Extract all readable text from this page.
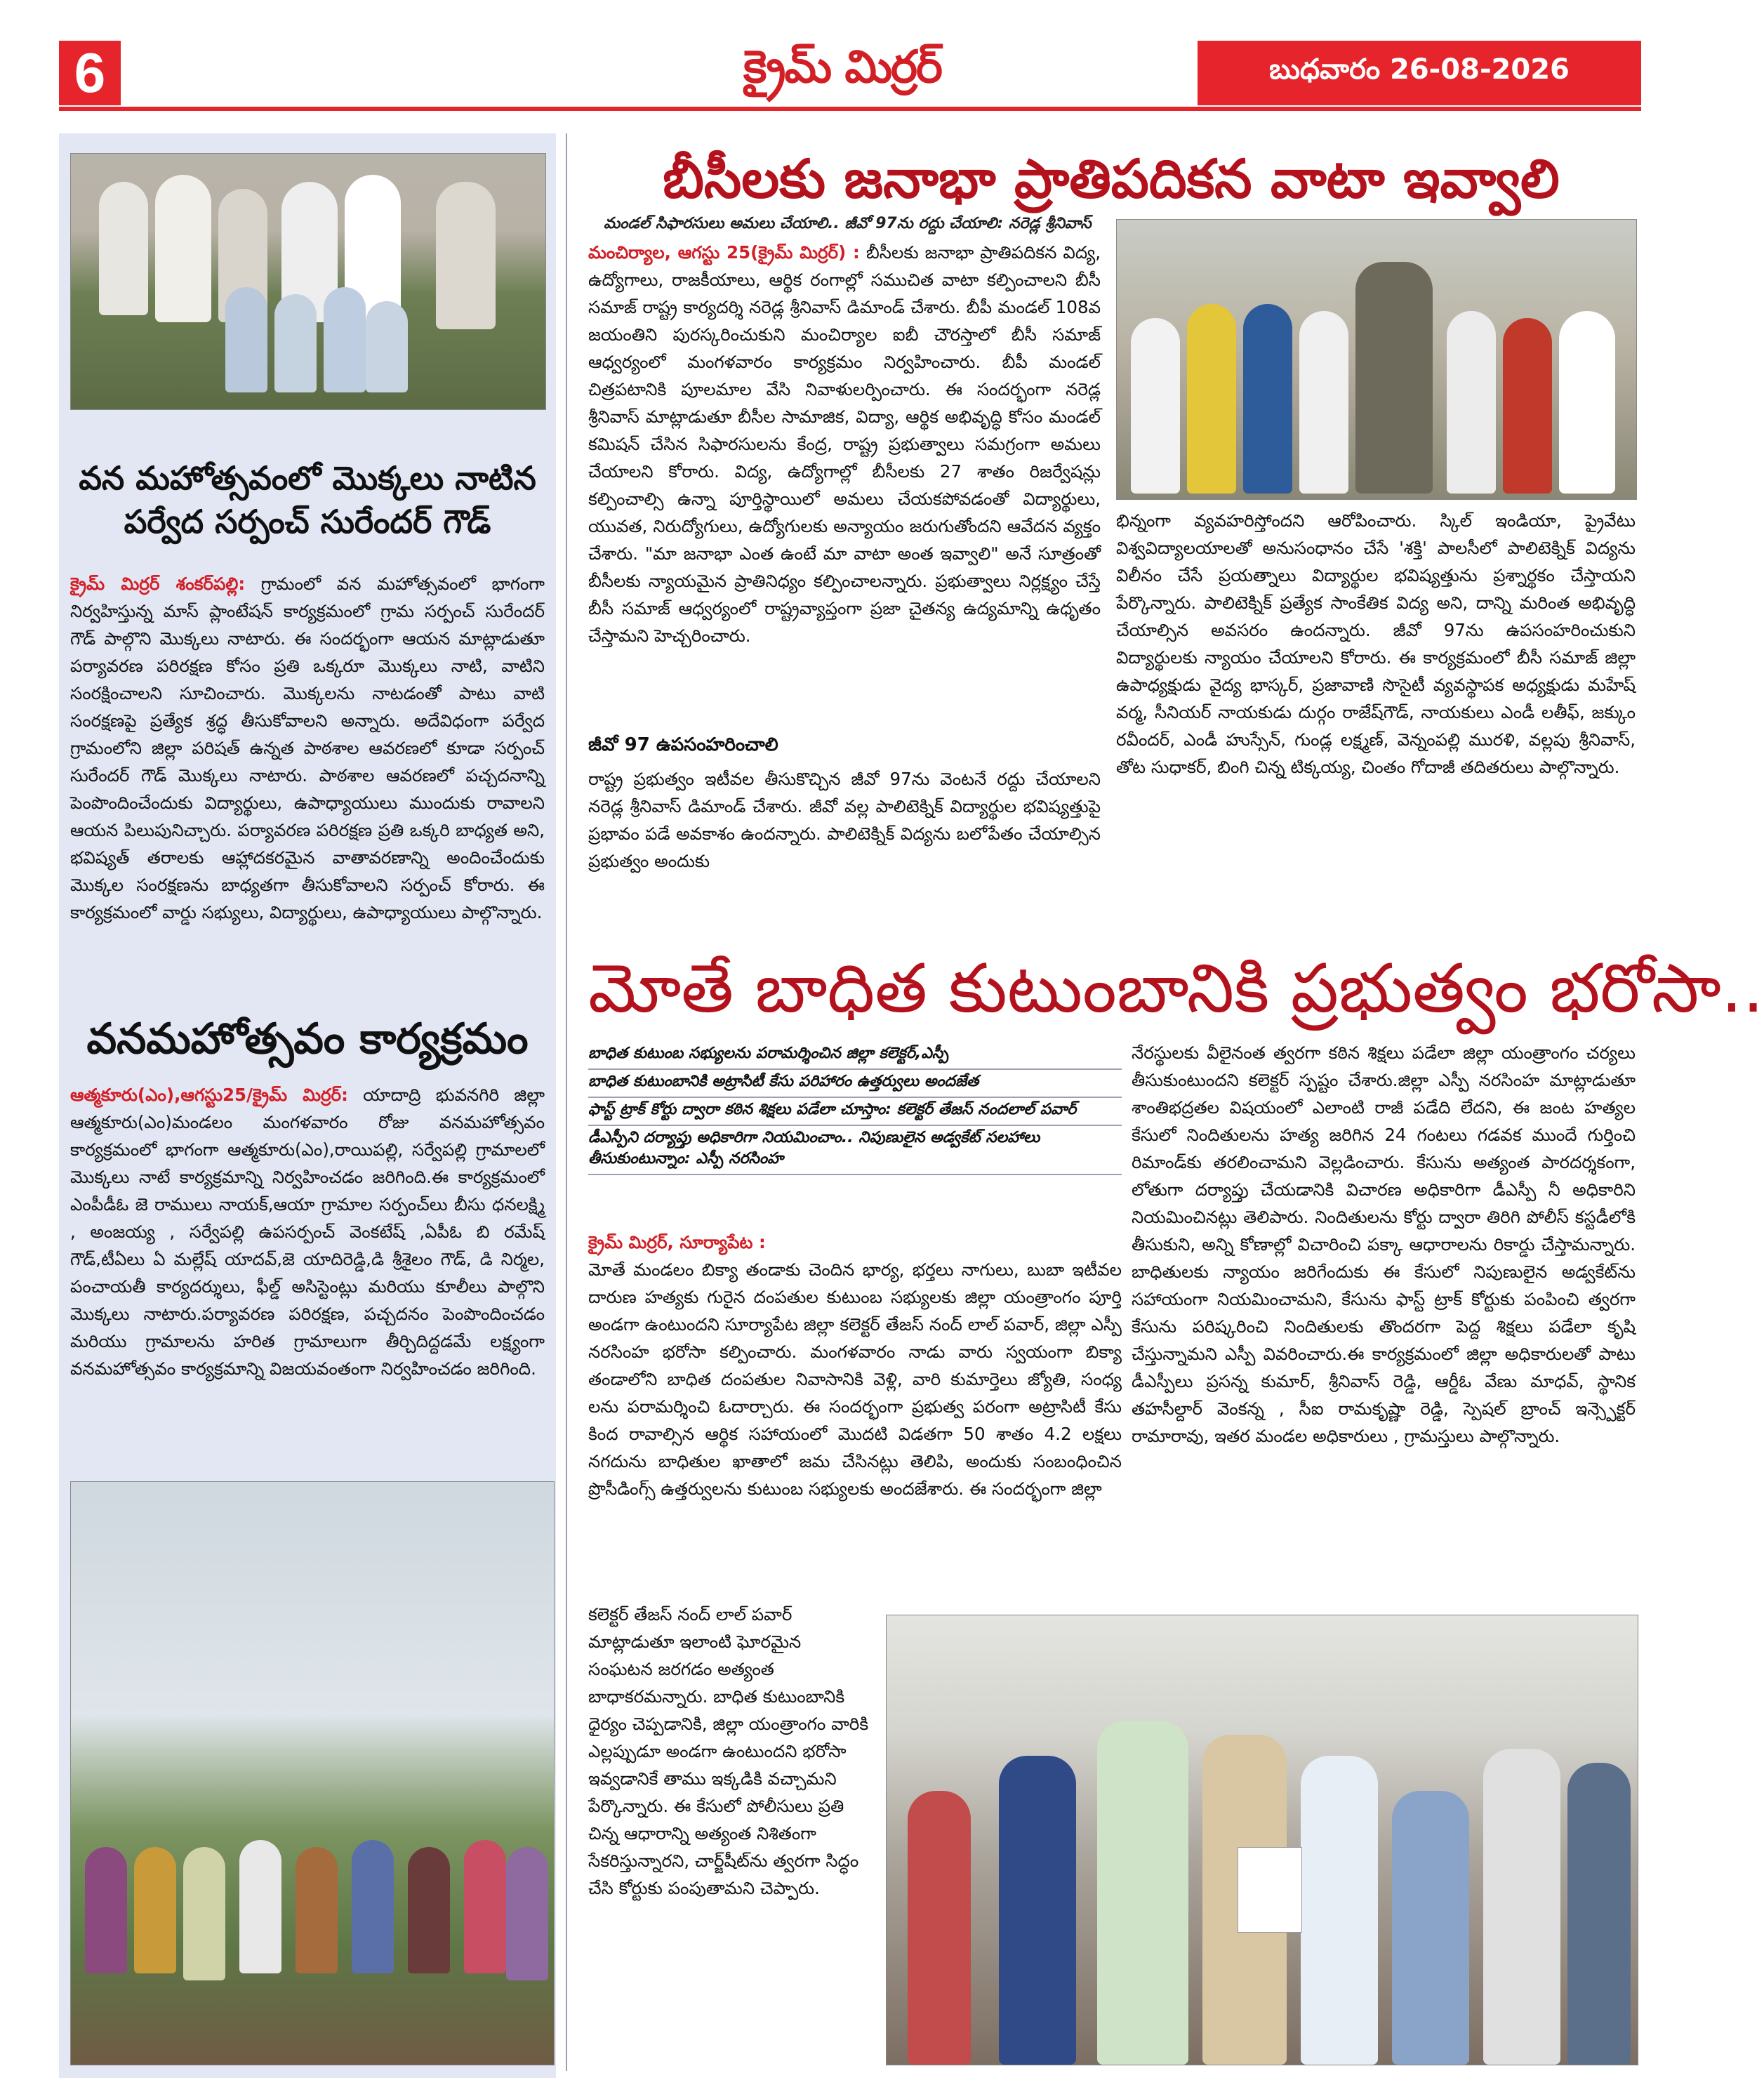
6	క్రైమ్ మిర్రర్	బుధవారం 26-08-2026
వన మహోత్సవంలో మొక్కలు నాటిన
పర్వేద సర్పంచ్ సురేందర్ గౌడ్
క్రైమ్ మిర్రర్ శంకర్‌పల్లి: గ్రామంలో వన మహోత్సవంలో భాగంగా నిర్వహిస్తున్న మాస్ ప్లాంటేషన్ కార్యక్రమంలో గ్రామ సర్పంచ్ సురేందర్ గౌడ్ పాల్గొని మొక్కలు నాటారు. ఈ సందర్భంగా ఆయన మాట్లాడుతూ పర్యావరణ పరిరక్షణ కోసం ప్రతి ఒక్కరూ మొక్కలు నాటి, వాటిని సంరక్షించాలని సూచించారు. మొక్కలను నాటడంతో పాటు వాటి సంరక్షణపై ప్రత్యేక శ్రద్ధ తీసుకోవాలని అన్నారు. అదేవిధంగా పర్వేద గ్రామంలోని జిల్లా పరిషత్ ఉన్నత పాఠశాల ఆవరణలో కూడా సర్పంచ్ సురేందర్ గౌడ్ మొక్కలు నాటారు. పాఠశాల ఆవరణలో పచ్చదనాన్ని పెంపొందించేందుకు విద్యార్థులు, ఉపాధ్యాయులు ముందుకు రావాలని ఆయన పిలుపునిచ్చారు. పర్యావరణ పరిరక్షణ ప్రతి ఒక్కరి బాధ్యత అని, భవిష్యత్ తరాలకు ఆహ్లాదకరమైన వాతావరణాన్ని అందించేందుకు మొక్కల సంరక్షణను బాధ్యతగా తీసుకోవాలని సర్పంచ్ కోరారు. ఈ కార్యక్రమంలో వార్డు సభ్యులు, విద్యార్థులు, ఉపాధ్యాయులు పాల్గొన్నారు.
వనమహోత్సవం కార్యక్రమం
ఆత్మకూరు(ఎం),ఆగస్టు25/క్రైమ్ మిర్రర్: యాదాద్రి భువనగిరి జిల్లా ఆత్మకూరు(ఎం)మండలం మంగళవారం రోజు వనమహోత్సవం కార్యక్రమంలో భాగంగా ఆత్మకూరు(ఎం),రాయిపల్లి, సర్వేపల్లి గ్రామాలలో మొక్కలు నాటే కార్యక్రమాన్ని నిర్వహించడం జరిగింది.ఈ కార్యక్రమంలో ఎంపీడీఓ జె రాములు నాయక్,ఆయా గ్రామాల సర్పంచ్‌లు బీసు ధనలక్ష్మి , అంజయ్య , సర్వేపల్లి ఉపసర్పంచ్ వెంకటేష్ ,ఏపీఓ బి రమేష్ గౌడ్,టీఏలు ఏ మల్లేష్ యాదవ్,జె యాదిరెడ్డి,డి శ్రీశైలం గౌడ్, డి నిర్మల, పంచాయతీ కార్యదర్శులు, ఫీల్డ్ అసిస్టెంట్లు మరియు కూలీలు పాల్గొని మొక్కలు నాటారు.పర్యావరణ పరిరక్షణ, పచ్చదనం పెంపొందించడం మరియు గ్రామాలను హరిత గ్రామాలుగా తీర్చిదిద్దడమే లక్ష్యంగా వనమహోత్సవం కార్యక్రమాన్ని విజయవంతంగా నిర్వహించడం జరిగింది.
బీసీలకు జనాభా ప్రాతిపదికన వాటా ఇవ్వాలి
మండల్ సిఫారసులు అమలు చేయాలి.. జీవో 97ను రద్దు చేయాలి: నరెడ్ల శ్రీనివాస్
మంచిర్యాల, ఆగస్టు 25(క్రైమ్ మిర్రర్) : బీసీలకు జనాభా ప్రాతిపదికన విద్య, ఉద్యోగాలు, రాజకీయాలు, ఆర్థిక రంగాల్లో సముచిత వాటా కల్పించాలని బీసీ సమాజ్ రాష్ట్ర కార్యదర్శి నరెడ్ల శ్రీనివాస్ డిమాండ్ చేశారు. బీపీ మండల్ 108వ జయంతిని పురస్కరించుకుని మంచిర్యాల ఐబీ చౌరస్తాలో బీసీ సమాజ్ ఆధ్వర్యంలో మంగళవారం కార్యక్రమం నిర్వహించారు. బీపీ మండల్ చిత్రపటానికి పూలమాల వేసి నివాళులర్పించారు. ఈ సందర్భంగా నరెడ్ల శ్రీనివాస్ మాట్లాడుతూ బీసీల సామాజిక, విద్యా, ఆర్థిక అభివృద్ధి కోసం మండల్ కమిషన్ చేసిన సిఫారసులను కేంద్ర, రాష్ట్ర ప్రభుత్వాలు సమగ్రంగా అమలు చేయాలని కోరారు. విద్య, ఉద్యోగాల్లో బీసీలకు 27 శాతం రిజర్వేషన్లు కల్పించాల్సి ఉన్నా పూర్తిస్థాయిలో అమలు చేయకపోవడంతో విద్యార్థులు, యువత, నిరుద్యోగులు, ఉద్యోగులకు అన్యాయం జరుగుతోందని ఆవేదన వ్యక్తం చేశారు. "మా జనాభా ఎంత ఉంటే మా వాటా అంత ఇవ్వాలి" అనే సూత్రంతో బీసీలకు న్యాయమైన ప్రాతినిధ్యం కల్పించాలన్నారు. ప్రభుత్వాలు నిర్లక్ష్యం చేస్తే బీసీ సమాజ్ ఆధ్వర్యంలో రాష్ట్రవ్యాప్తంగా ప్రజా చైతన్య ఉద్యమాన్ని ఉధృతం చేస్తామని హెచ్చరించారు.
జీవో 97 ఉపసంహరించాలి
రాష్ట్ర ప్రభుత్వం ఇటీవల తీసుకొచ్చిన జీవో 97ను వెంటనే రద్దు చేయాలని నరెడ్ల శ్రీనివాస్ డిమాండ్ చేశారు. జీవో వల్ల పాలిటెక్నిక్ విద్యార్థుల భవిష్యత్తుపై ప్రభావం పడే అవకాశం ఉందన్నారు. పాలిటెక్నిక్ విద్యను బలోపేతం చేయాల్సిన ప్రభుత్వం అందుకు
భిన్నంగా వ్యవహరిస్తోందని ఆరోపించారు. స్కిల్ ఇండియా, ప్రైవేటు విశ్వవిద్యాలయాలతో అనుసంధానం చేసే 'శక్తి' పాలసీలో పాలిటెక్నిక్ విద్యను విలీనం చేసే ప్రయత్నాలు విద్యార్థుల భవిష్యత్తును ప్రశ్నార్థకం చేస్తాయని పేర్కొన్నారు. పాలిటెక్నిక్ ప్రత్యేక సాంకేతిక విద్య అని, దాన్ని మరింత అభివృద్ధి చేయాల్సిన అవసరం ఉందన్నారు. జీవో 97ను ఉపసంహరించుకుని విద్యార్థులకు న్యాయం చేయాలని కోరారు. ఈ కార్యక్రమంలో బీసీ సమాజ్ జిల్లా ఉపాధ్యక్షుడు వైద్య భాస్కర్, ప్రజావాణి సొసైటీ వ్యవస్థాపక అధ్యక్షుడు మహేష్ వర్మ, సీనియర్ నాయకుడు దుర్గం రాజేష్‌గౌడ్, నాయకులు ఎండీ లతీఫ్, జక్కుం రవీందర్, ఎండీ హుస్సేన్, గుండ్ల లక్ష్మణ్, వెన్నంపల్లి మురళి, వల్లపు శ్రీనివాస్, తోట సుధాకర్, బింగి చిన్న టిక్కయ్య, చింతం గోదాజీ తదితరులు పాల్గొన్నారు.
మోతే బాధిత కుటుంబానికి ప్రభుత్వం భరోసా..
బాధిత కుటుంబ సభ్యులను పరామర్శించిన జిల్లా కలెక్టర్,ఎస్పీ
బాధిత కుటుంబానికి అట్రాసిటీ కేసు పరిహారం ఉత్తర్వులు అందజేత
ఫాస్ట్ ట్రాక్ కోర్టు ద్వారా కఠిన శిక్షలు పడేలా చూస్తాం: కలెక్టర్ తేజస్ నందలాల్ పవార్
డీఎస్పీని దర్యాప్తు అధికారిగా నియమించాం.. నిపుణులైన అడ్వకేట్ సలహాలు తీసుకుంటున్నాం: ఎస్పీ నరసింహ
క్రైమ్ మిర్రర్, సూర్యాపేట :
మోతే మండలం బిక్యా తండాకు చెందిన భార్య, భర్తలు నాగులు, బుబా ఇటీవల దారుణ హత్యకు గురైన దంపతుల కుటుంబ సభ్యులకు జిల్లా యంత్రాంగం పూర్తి అండగా ఉంటుందని సూర్యాపేట జిల్లా కలెక్టర్ తేజస్ నంద్ లాల్ పవార్, జిల్లా ఎస్పీ నరసింహ భరోసా కల్పించారు. మంగళవారం నాడు వారు స్వయంగా బిక్యా తండాలోని బాధిత దంపతుల నివాసానికి వెళ్లి, వారి కుమార్తెలు జ్యోతి, సంధ్య లను పరామర్శించి ఓదార్చారు. ఈ సందర్భంగా ప్రభుత్వ పరంగా అట్రాసిటీ కేసు కింద రావాల్సిన ఆర్థిక సహాయంలో మొదటి విడతగా 50 శాతం 4.2 లక్షలు నగదును బాధితుల ఖాతాలో జమ చేసినట్లు తెలిపి, అందుకు సంబంధించిన ప్రొసీడింగ్స్ ఉత్తర్వులను కుటుంబ సభ్యులకు అందజేశారు. ఈ సందర్భంగా జిల్లా
కలెక్టర్ తేజస్ నంద్ లాల్ పవార్ మాట్లాడుతూ ఇలాంటి ఘోరమైన సంఘటన జరగడం అత్యంత బాధాకరమన్నారు. బాధిత కుటుంబానికి ధైర్యం చెప్పడానికి, జిల్లా యంత్రాంగం వారికి ఎల్లప్పుడూ అండగా ఉంటుందని భరోసా ఇవ్వడానికే తాము ఇక్కడికి వచ్చామని పేర్కొన్నారు. ఈ కేసులో పోలీసులు ప్రతి చిన్న ఆధారాన్ని అత్యంత నిశితంగా సేకరిస్తున్నారని, చార్జ్‌షీట్‌ను త్వరగా సిద్ధం చేసి కోర్టుకు పంపుతామని చెప్పారు.
నేరస్థులకు వీలైనంత త్వరగా కఠిన శిక్షలు పడేలా జిల్లా యంత్రాంగం చర్యలు తీసుకుంటుందని కలెక్టర్ స్పష్టం చేశారు.జిల్లా ఎస్పీ నరసింహ మాట్లాడుతూ శాంతిభద్రతల విషయంలో ఎలాంటి రాజీ పడేది లేదని, ఈ జంట హత్యల కేసులో నిందితులను హత్య జరిగిన 24 గంటలు గడవక ముందే గుర్తించి రిమాండ్‌కు తరలించామని వెల్లడించారు. కేసును అత్యంత పారదర్శకంగా, లోతుగా దర్యాప్తు చేయడానికి విచారణ అధికారిగా డీఎస్పీ నీ అధికారిని నియమించినట్లు తెలిపారు. నిందితులను కోర్టు ద్వారా తిరిగి పోలీస్ కస్టడీలోకి తీసుకుని, అన్ని కోణాల్లో విచారించి పక్కా ఆధారాలను రికార్డు చేస్తామన్నారు. బాధితులకు న్యాయం జరిగేందుకు ఈ కేసులో నిపుణులైన అడ్వకేట్‌ను సహాయంగా నియమించామని, కేసును ఫాస్ట్ ట్రాక్ కోర్టుకు పంపించి త్వరగా కేసును పరిష్కరించి నిందితులకు తొందరగా పెద్ద శిక్షలు పడేలా కృషి చేస్తున్నామని ఎస్పీ వివరించారు.ఈ కార్యక్రమంలో జిల్లా అధికారులతో పాటు డీఎస్పీలు ప్రసన్న కుమార్, శ్రీనివాస్ రెడ్డి, ఆర్డీఓ వేణు మాధవ్, స్థానిక తహసీల్దార్ వెంకన్న , సీఐ రామకృష్ణా రెడ్డి, స్పెషల్ బ్రాంచ్ ఇన్స్పెక్టర్ రామారావు, ఇతర మండల అధికారులు , గ్రామస్తులు పాల్గొన్నారు.
